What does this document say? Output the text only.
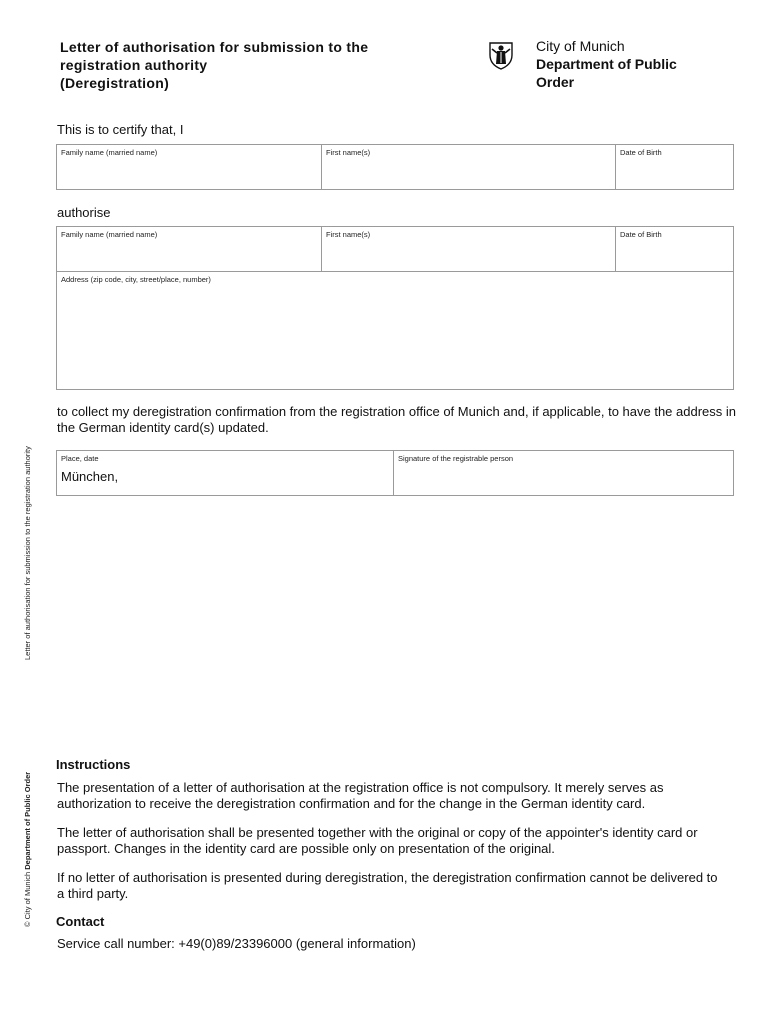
Letter of authorisation for submission to the
registration authority
(Deregistration)
City of Munich
Department of Public
Order
This is to certify that, I
Family name (married name)	First name(s)	Date of Birth
authorise
Family name (married name)	First name(s)	Date of Birth

Address (zip code, city, street/place, number)
to collect my deregistration confirmation from the registration office of Munich and, if applicable, to have the address in the German identity card(s) updated.
Place, date
München,

Signature of the registrable person
Letter of authorisation for submission to the registration authority
© City of Munich Department of Public Order
Instructions
The presentation of a letter of authorisation at the registration office is not compulsory. It merely serves as authorization to receive the deregistration confirmation and for the change in the German identity card.
The letter of authorisation shall be presented together with the original or copy of the appointer's identity card or passport. Changes in the identity card are possible only on presentation of the original.
If no letter of authorisation is presented during deregistration, the deregistration confirmation cannot be delivered to a third party.
Contact
Service call number: +49(0)89/23396000 (general information)
